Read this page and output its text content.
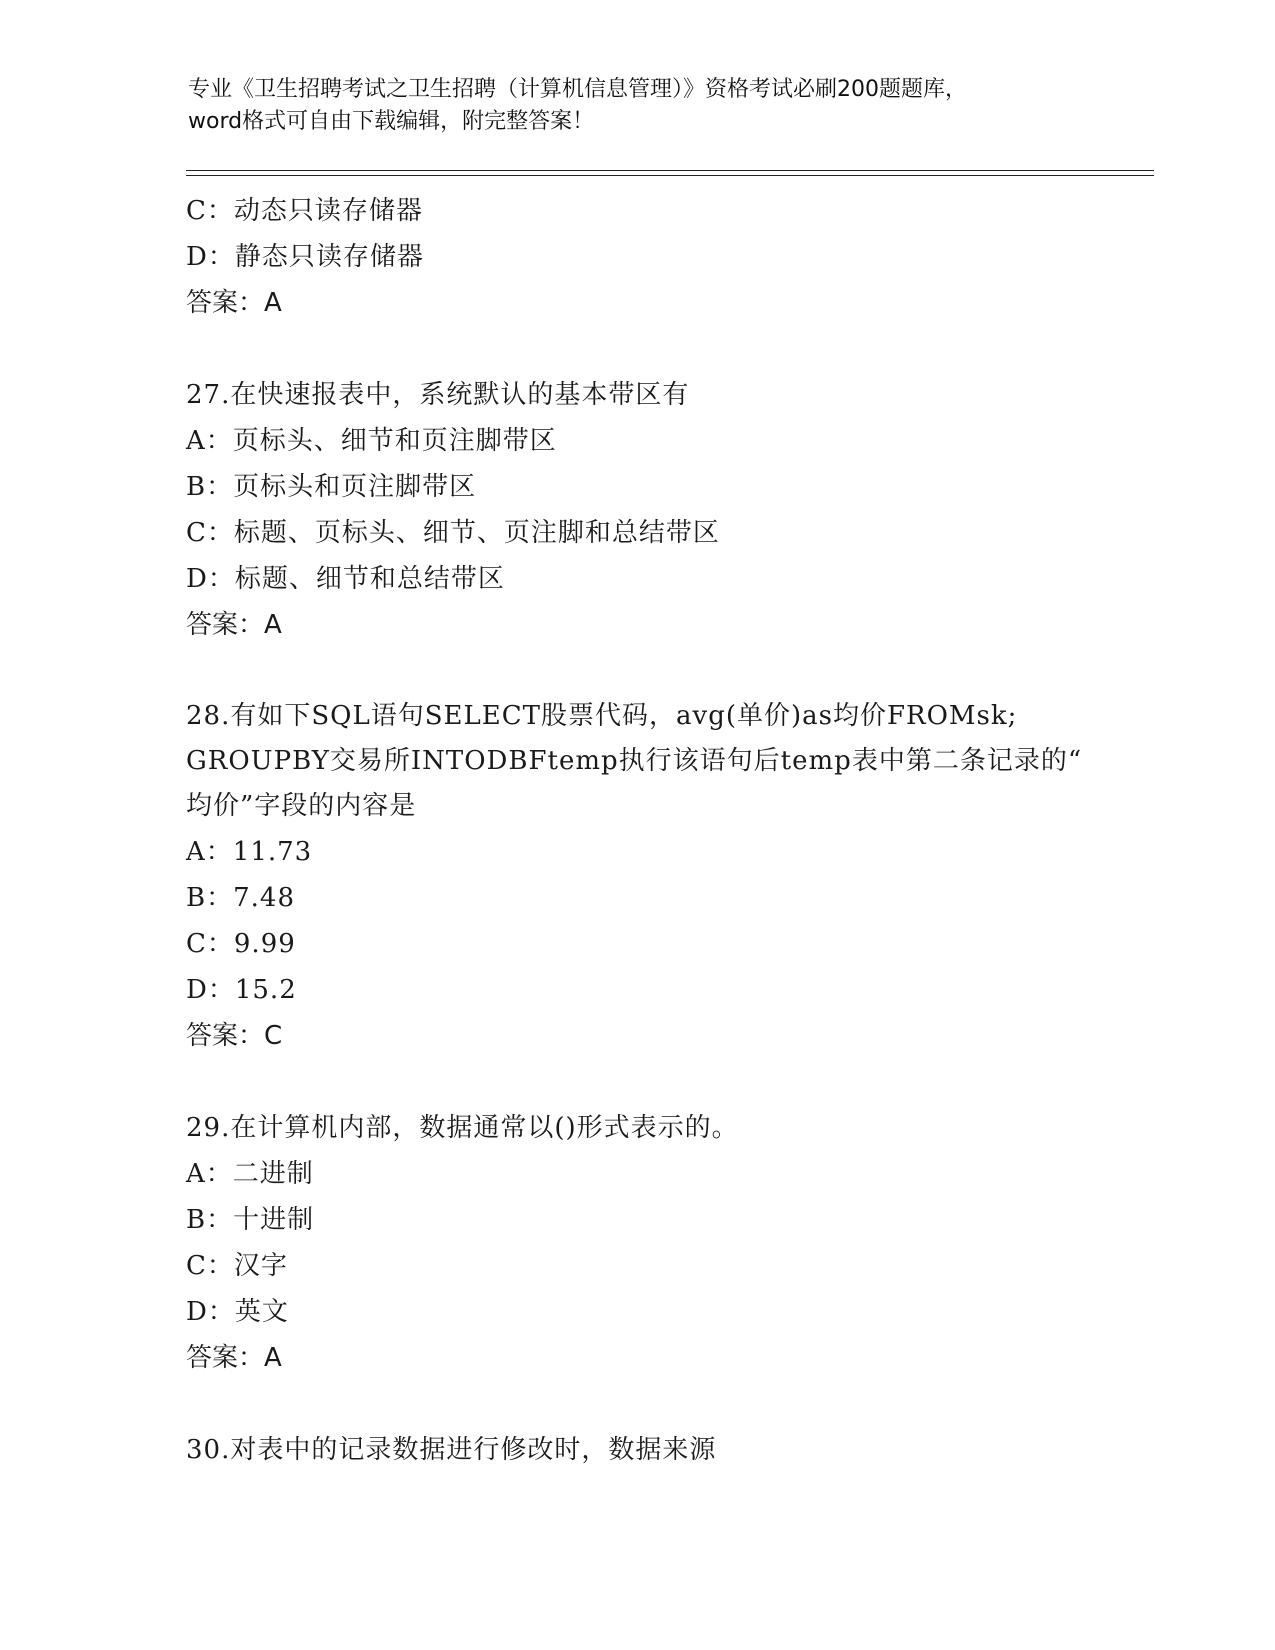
专业《卫生招聘考试之卫生招聘（计算机信息管理）》资格考试必刷200题题库，
word格式可自由下载编辑，附完整答案！
C：动态只读存储器
D：静态只读存储器
答案：A
27.在快速报表中，系统默认的基本带区有
A：页标头、细节和页注脚带区
B：页标头和页注脚带区
C：标题、页标头、细节、页注脚和总结带区
D：标题、细节和总结带区
答案：A
28.有如下SQL语句SELECT股票代码，avg(单价)as均价FROMsk;
GROUPBY交易所INTODBFtemp执行该语句后temp表中第二条记录的“
均价”字段的内容是
A：11.73
B：7.48
C：9.99
D：15.2
答案：C
29.在计算机内部，数据通常以()形式表示的。
A：二进制
B：十进制
C：汉字
D：英文
答案：A
30.对表中的记录数据进行修改时，数据来源
